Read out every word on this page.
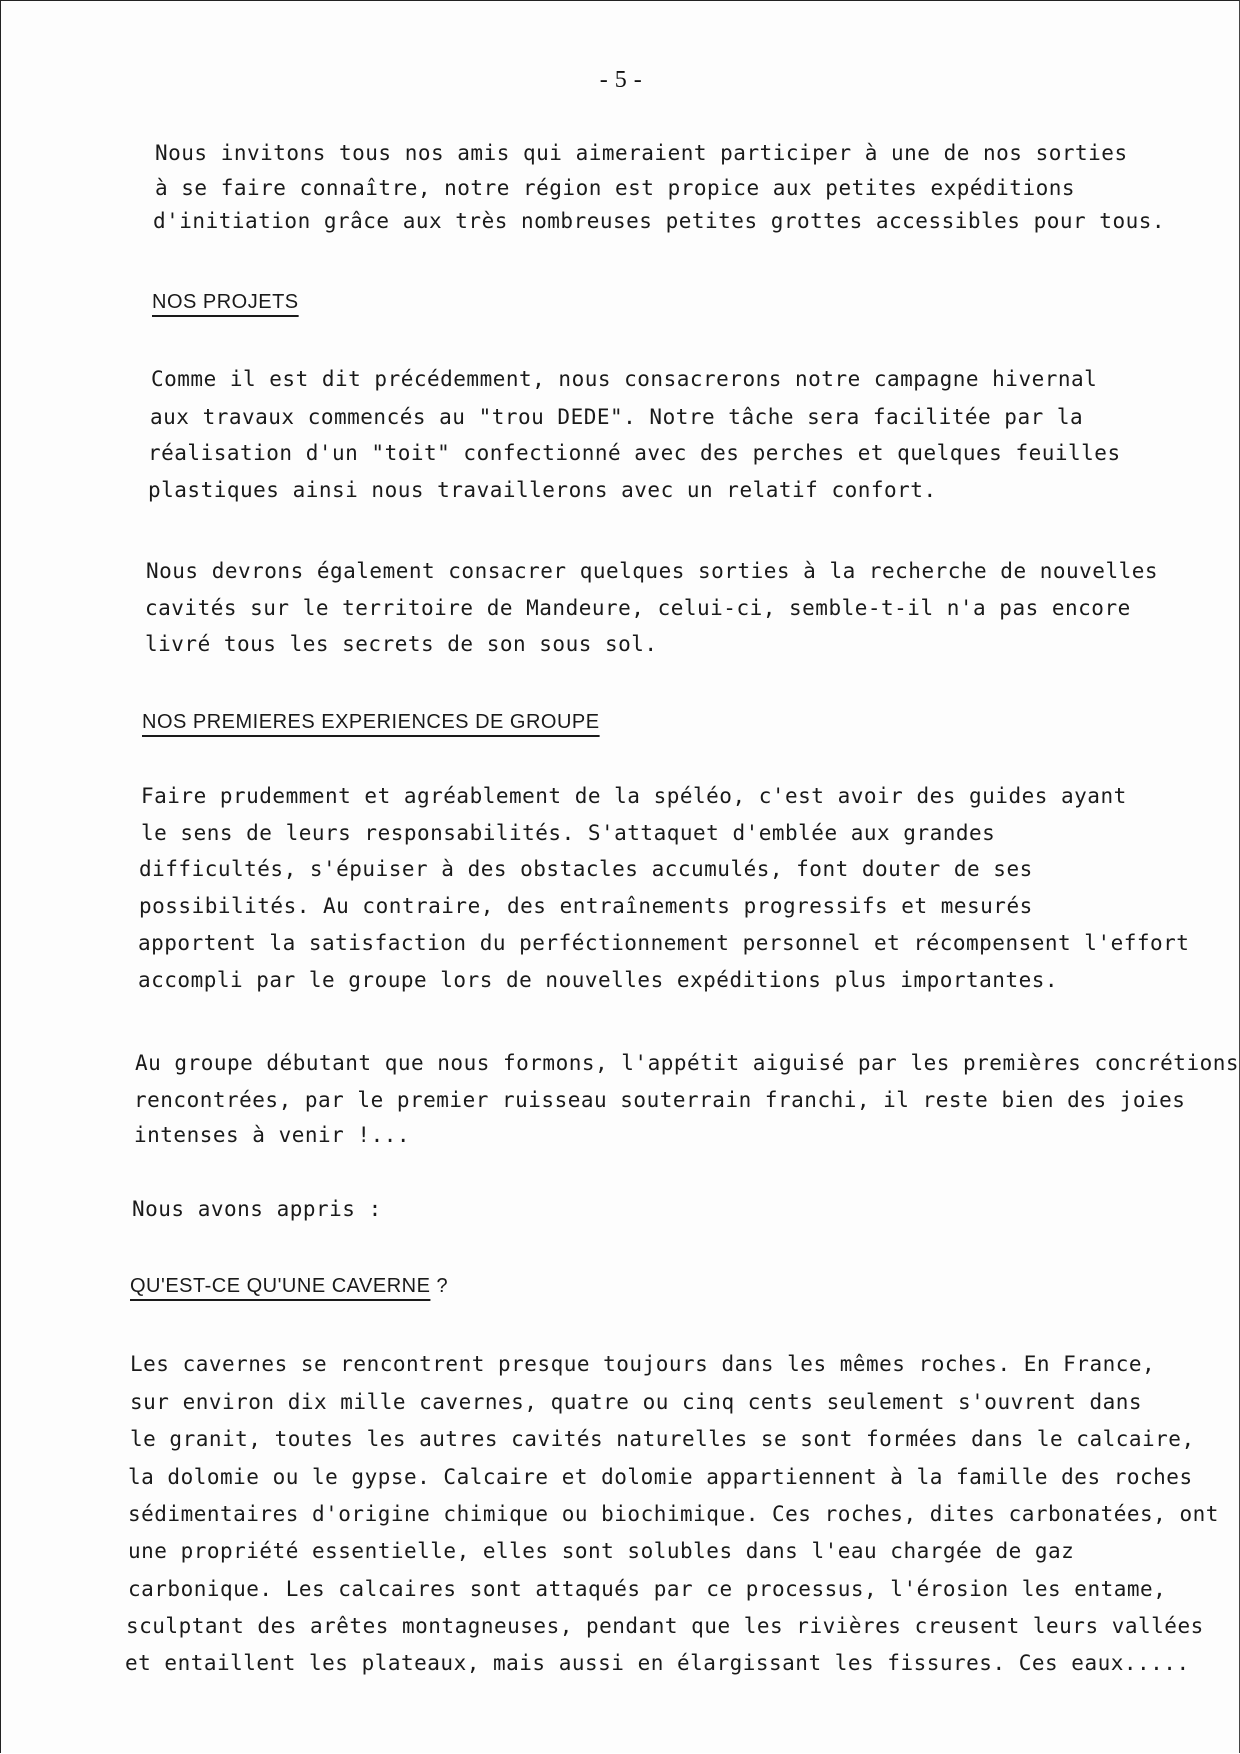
- 5 -
Nous invitons tous nos amis qui aimeraient participer à une de nos sorties
à se faire connaître, notre région est propice aux petites expéditions
d'initiation grâce aux très nombreuses petites grottes accessibles pour tous.
NOS PROJETS
Comme il est dit précédemment, nous consacrerons notre campagne hivernal
aux travaux commencés au "trou DEDE". Notre tâche sera facilitée par la
réalisation d'un "toit" confectionné avec des perches et quelques feuilles
plastiques ainsi nous travaillerons avec un relatif confort.
Nous devrons également consacrer quelques sorties à la recherche de nouvelles
cavités sur le territoire de Mandeure, celui-ci, semble-t-il n'a pas encore
livré tous les secrets de son sous sol.
NOS PREMIERES EXPERIENCES DE GROUPE
Faire prudemment et agréablement de la spéléo, c'est avoir des guides ayant
le sens de leurs responsabilités. S'attaquet d'emblée aux grandes
difficultés, s'épuiser à des obstacles accumulés, font douter de ses
possibilités. Au contraire, des entraînements progressifs et mesurés
apportent la satisfaction du perféctionnement personnel et récompensent l'effort
accompli par le groupe lors de nouvelles expéditions plus importantes.
Au groupe débutant que nous formons, l'appétit aiguisé par les premières concrétions
rencontrées, par le premier ruisseau souterrain franchi, il reste bien des joies
intenses à venir !...
Nous avons appris :
QU'EST-CE QU'UNE CAVERNE ?
Les cavernes se rencontrent presque toujours dans les mêmes roches. En France,
sur environ dix mille cavernes, quatre ou cinq cents seulement s'ouvrent dans
le granit, toutes les autres cavités naturelles se sont formées dans le calcaire,
la dolomie ou le gypse. Calcaire et dolomie appartiennent à la famille des roches
sédimentaires d'origine chimique ou biochimique. Ces roches, dites carbonatées, ont
une propriété essentielle, elles sont solubles dans l'eau chargée de gaz
carbonique. Les calcaires sont attaqués par ce processus, l'érosion les entame,
sculptant des arêtes montagneuses, pendant que les rivières creusent leurs vallées
et entaillent les plateaux, mais aussi en élargissant les fissures. Ces eaux.....
